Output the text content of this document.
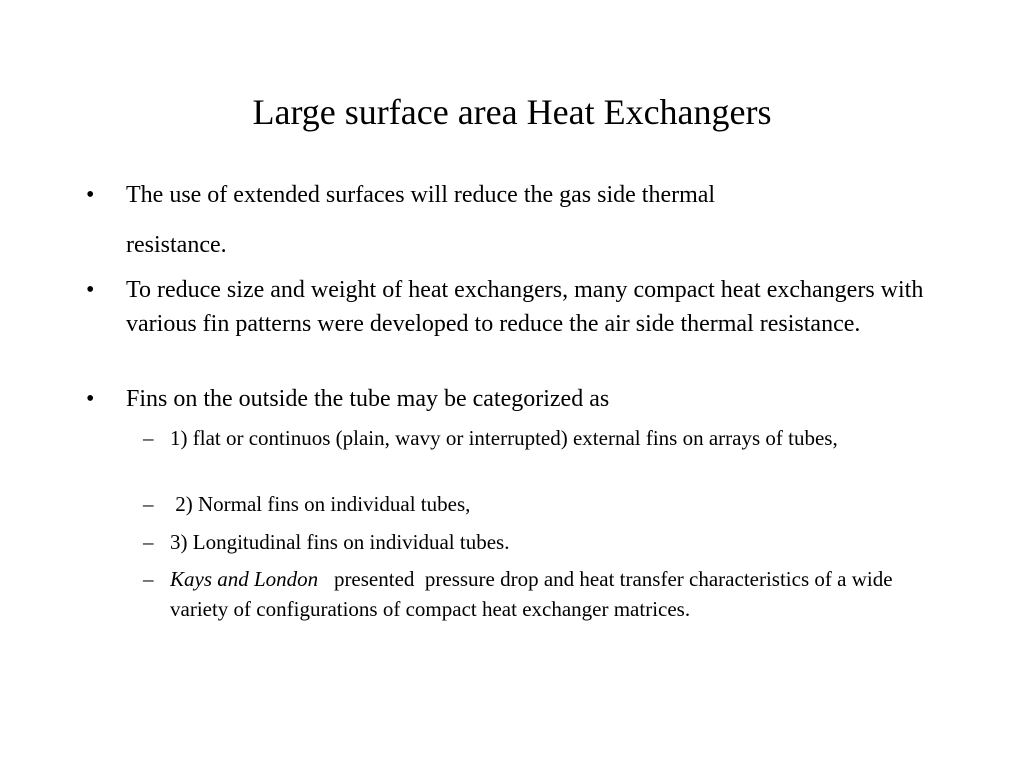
Large surface area Heat Exchangers
• The use of extended surfaces will reduce the gas side thermal
resistance.
• To reduce size and weight of heat exchangers, many compact heat exchangers with various fin patterns were developed to reduce the air side thermal resistance.
• Fins on the outside the tube may be categorized as
– 1) flat or continuos (plain, wavy or interrupted) external fins on arrays of tubes,
– 2) Normal fins on individual tubes,
– 3) Longitudinal fins on individual tubes.
– Kays and London   presented  pressure drop and heat transfer characteristics of a wide variety of configurations of compact heat exchanger matrices.
